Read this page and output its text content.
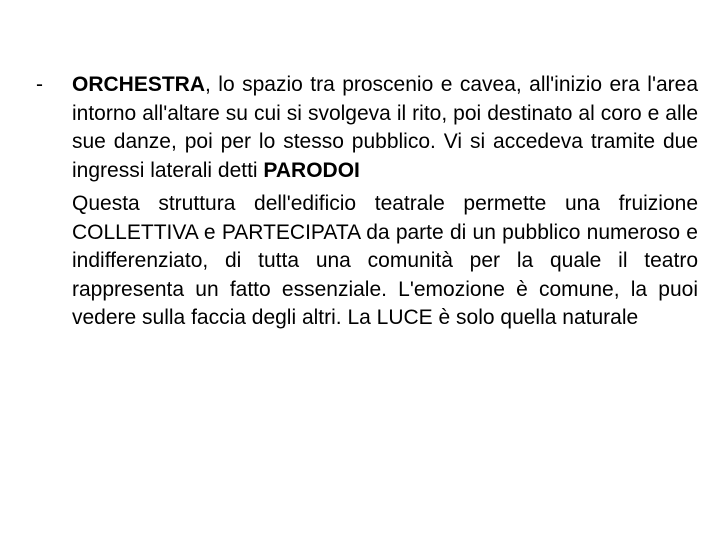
- ORCHESTRA, lo spazio tra proscenio e cavea, all'inizio era l'area intorno all'altare su cui si svolgeva il rito, poi destinato al coro e alle sue danze, poi per lo stesso pubblico. Vi si accedeva tramite due ingressi laterali detti PARODOI

Questa struttura dell'edificio teatrale permette una fruizione COLLETTIVA e PARTECIPATA da parte di un pubblico numeroso e indifferenziato, di tutta una comunità per la quale il teatro rappresenta un fatto essenziale. L'emozione è comune, la puoi vedere sulla faccia degli altri. La LUCE è solo quella naturale
